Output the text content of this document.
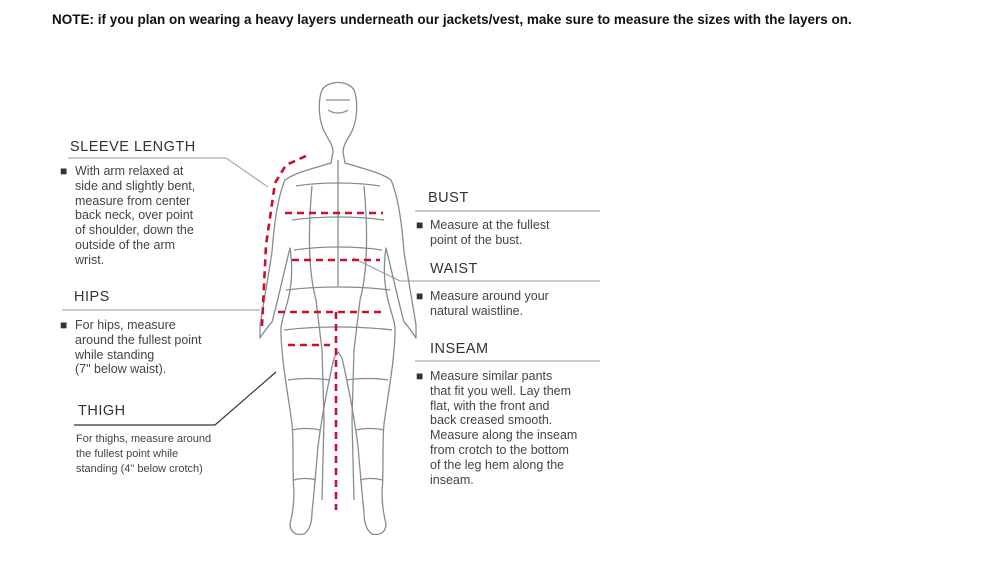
NOTE: if you plan on wearing a heavy layers underneath our jackets/vest, make sure to measure the sizes with the layers on.
SLEEVE LENGTH
■ With arm relaxed at
side and slightly bent,
measure from center
back neck, over point
of shoulder, down the
outside of the arm
wrist.
HIPS
■ For hips, measure
around the fullest point
while standing
(7" below waist).
THIGH
For thighs, measure around
the fullest point while
standing (4" below crotch)
BUST
■ Measure at the fullest
point of the bust.
WAIST
■ Measure around your
natural waistline.
INSEAM
■ Measure similar pants
that fit you well. Lay them
flat, with the front and
back creased smooth.
Measure along the inseam
from crotch to the bottom
of the leg hem along the
inseam.
